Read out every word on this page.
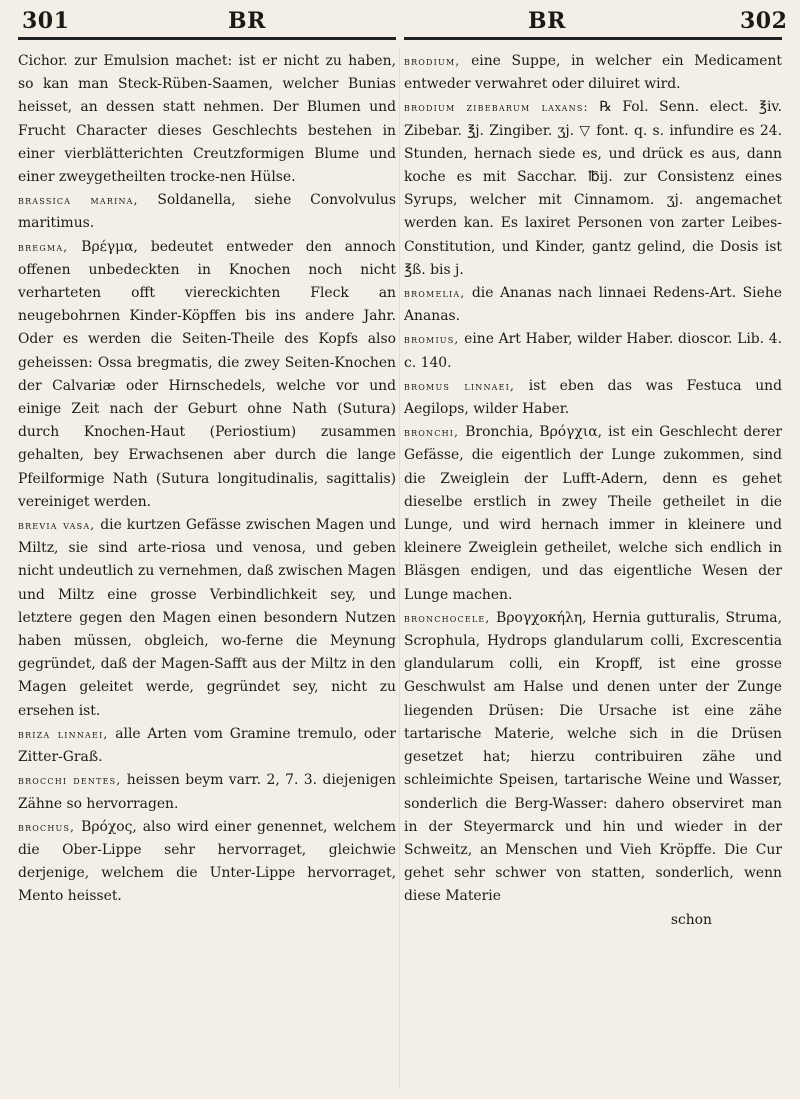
301	BR	BR	302

Cichor. zur Emulsion machet: ist er nicht zu haben, so kan man Steck-Rüben-Saamen, welcher Bunias heisset, an dessen statt nehmen. Der Blumen und Frucht Character dieses Geschlechts bestehen in einer vierblätterichten Creutzformigen Blume und einer zweygetheilten trocke-nen Hülse.

brassica marina, Soldanella, siehe Convolvulus maritimus.

bregma, Βρέγμα, bedeutet entweder den annoch offenen unbedeckten in Knochen noch nicht verharteten offt viereckichten Fleck an neugebohrnen Kinder-Köpffen bis ins andere Jahr. Oder es werden die Seiten-Theile des Kopfs also geheissen: Ossa bregmatis, die zwey Seiten-Knochen der Calvariæ oder Hirnschedels, welche vor und einige Zeit nach der Geburt ohne Nath (Sutura) durch Knochen-Haut (Periostium) zusammen gehalten, bey Erwachsenen aber durch die lange Pfeilformige Nath (Sutura longitudinalis, sagittalis) vereiniget werden.

brevia vasa, die kurtzen Gefässe zwischen Magen und Miltz, sie sind arte-riosa und venosa, und geben nicht undeutlich zu vernehmen, daß zwischen Magen und Miltz eine grosse Verbindlichkeit sey, und letztere gegen den Magen einen besondern Nutzen haben müssen, obgleich, wo-ferne die Meynung gegründet, daß der Magen-Safft aus der Miltz in den Magen geleitet werde, gegründet sey, nicht zu ersehen ist.

briza linnaei, alle Arten vom Gramine tremulo, oder Zitter-Graß.

brocchi dentes, heissen beym varr. 2, 7. 3. diejenigen Zähne so hervorragen.

brochus, Βρόχος, also wird einer genennet, welchem die Ober-Lippe sehr hervorraget, gleichwie derjenige, welchem die Unter-Lippe hervorraget, Mento heisset.

brodium, eine Suppe, in welcher ein Medicament entweder verwahret oder diluiret wird.

brodium zibebarum laxans: ℞ Fol. Senn. elect. ℥iv. Zibebar. ℥j. Zingiber. ʒj. ▽ font. q. s. infundire es 24. Stunden, hernach siede es, und drück es aus, dann koche es mit Sacchar. ℔ij. zur Consistenz eines Syrups, welcher mit Cinnamom. ʒj. angemachet werden kan. Es laxiret Personen von zarter Leibes-Constitution, und Kinder, gantz gelind, die Dosis ist ℥ß. bis j.

bromelia, die Ananas nach linnaei Redens-Art. Siehe Ananas.

bromius, eine Art Haber, wilder Haber. dioscor. Lib. 4. c. 140.

bromus linnaei, ist eben das was Festuca und Aegilops, wilder Haber.

bronchi, Bronchia, Βρόγχια, ist ein Geschlecht derer Gefässe, die eigentlich der Lunge zukommen, sind die Zweiglein der Lufft-Adern, denn es gehet dieselbe erstlich in zwey Theile getheilet in die Lunge, und wird hernach immer in kleinere und kleinere Zweiglein getheilet, welche sich endlich in Bläsgen endigen, und das eigentliche Wesen der Lunge machen.

bronchocele, Βρογχοκήλη, Hernia gutturalis, Struma, Scrophula, Hydrops glandularum colli, Excrescentia glandularum colli, ein Kropff, ist eine grosse Geschwulst am Halse und denen unter der Zunge liegenden Drüsen: Die Ursache ist eine zähe tartarische Materie, welche sich in die Drüsen gesetzet hat; hierzu contribuiren zähe und schleimichte Speisen, tartarische Weine und Wasser, sonderlich die Berg-Wasser: dahero observiret man in der Steyermarck und hin und wieder in der Schweitz, an Menschen und Vieh Kröpffe. Die Cur gehet sehr schwer von statten, sonderlich, wenn diese Materie

schon
